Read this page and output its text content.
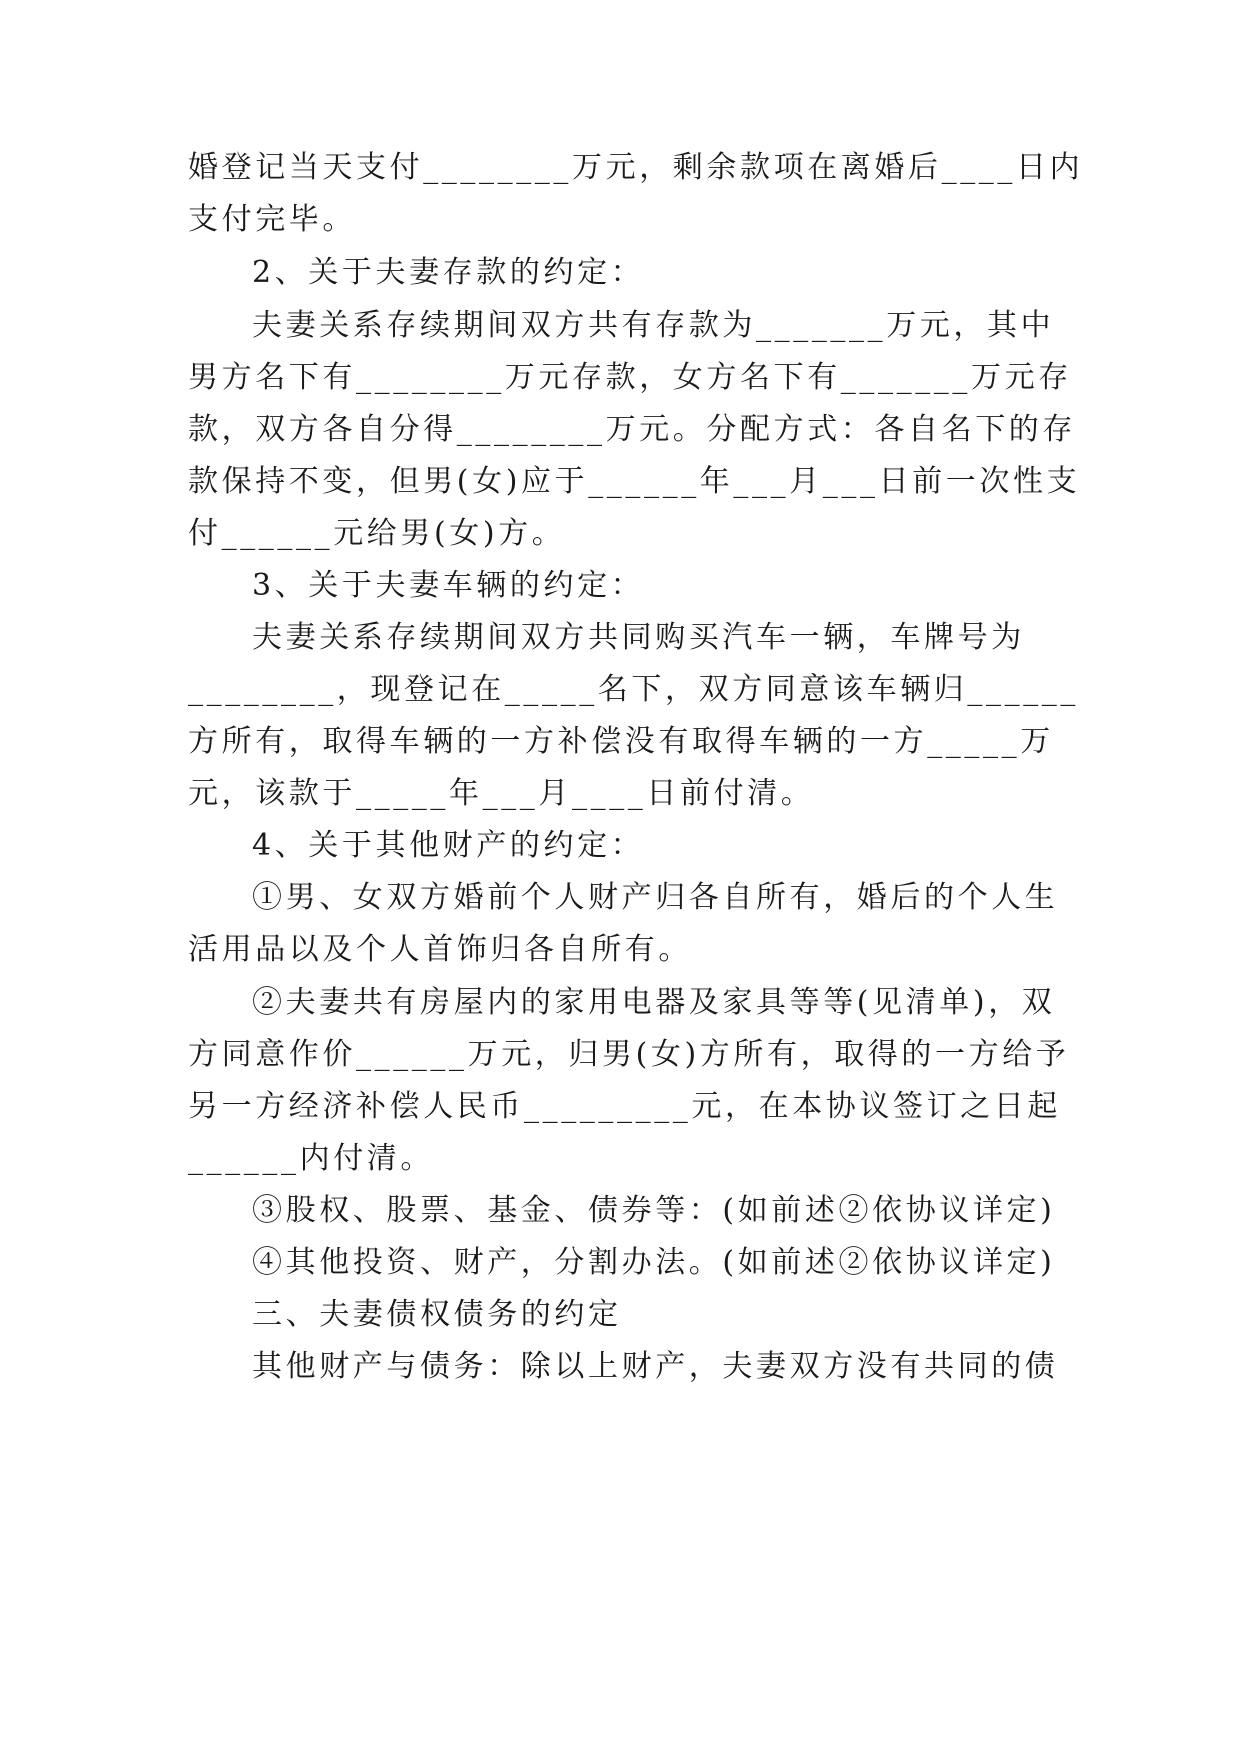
婚登记当天支付________万元，剩余款项在离婚后____日内
支付完毕。
2、关于夫妻存款的约定：
夫妻关系存续期间双方共有存款为_______万元，其中
男方名下有________万元存款，女方名下有_______万元存
款，双方各自分得________万元。分配方式：各自名下的存
款保持不变，但男(女)应于______年___月___日前一次性支
付______元给男(女)方。
3、关于夫妻车辆的约定：
夫妻关系存续期间双方共同购买汽车一辆，车牌号为
________，现登记在_____名下，双方同意该车辆归______
方所有，取得车辆的一方补偿没有取得车辆的一方_____万
元，该款于_____年___月____日前付清。
4、关于其他财产的约定：
①男、女双方婚前个人财产归各自所有，婚后的个人生
活用品以及个人首饰归各自所有。
②夫妻共有房屋内的家用电器及家具等等(见清单)，双
方同意作价______万元，归男(女)方所有，取得的一方给予
另一方经济补偿人民币_________元，在本协议签订之日起
______内付清。
③股权、股票、基金、债券等：(如前述②依协议详定)
④其他投资、财产，分割办法。(如前述②依协议详定)
三、夫妻债权债务的约定
其他财产与债务：除以上财产，夫妻双方没有共同的债
